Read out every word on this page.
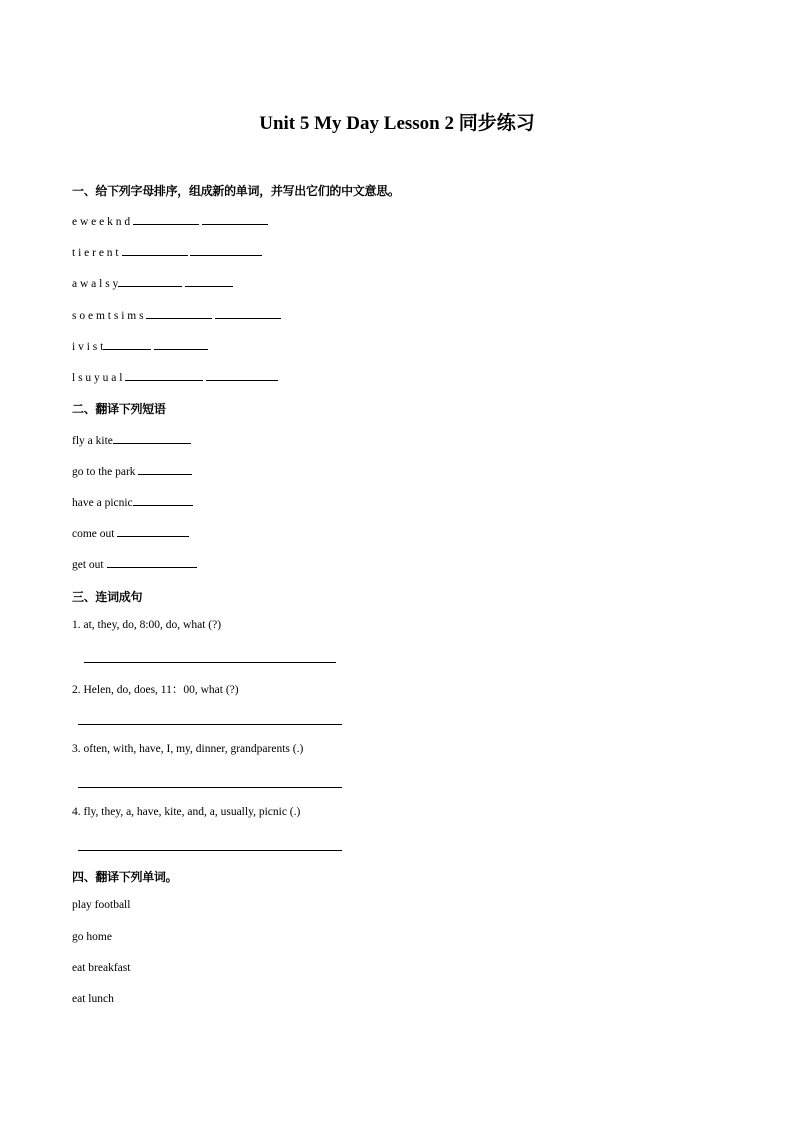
Unit 5 My Day Lesson 2 同步练习
一、给下列字母排序，组成新的单词，并写出它们的中文意思。
e w e e k n d
t i e r e n t
a w a l s y
s o e m t s i m s
i v i s t
l s u y u a l
二、翻译下列短语
fly a kite
go to the park
have a picnic
come out
get out
三、连词成句
1. at, they, do, 8:00, do, what (?)
2. Helen, do, does, 11：00, what (?)
3. often, with, have, I, my, dinner, grandparents (.)
4. fly, they, a, have, kite, and, a, usually, picnic (.)
四、翻译下列单词。
play football
go home
eat breakfast
eat lunch
